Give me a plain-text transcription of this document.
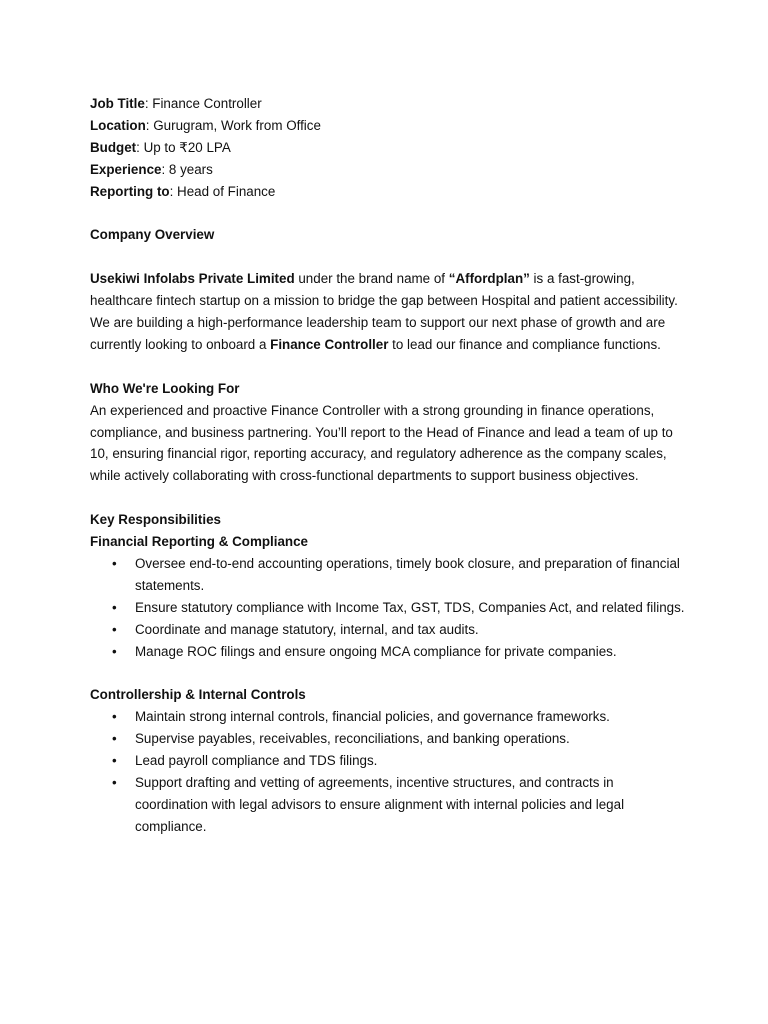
Job Title: Finance Controller
Location: Gurugram, Work from Office
Budget: Up to ₹20 LPA
Experience: 8 years
Reporting to: Head of Finance
Company Overview

Usekiwi Infolabs Private Limited under the brand name of “Affordplan” is a fast-growing, healthcare fintech startup on a mission to bridge the gap between Hospital and patient accessibility. We are building a high-performance leadership team to support our next phase of growth and are currently looking to onboard a Finance Controller to lead our finance and compliance functions.

Who We're Looking For

An experienced and proactive Finance Controller with a strong grounding in finance operations, compliance, and business partnering. You’ll report to the Head of Finance and lead a team of up to 10, ensuring financial rigor, reporting accuracy, and regulatory adherence as the company scales, while actively collaborating with cross-functional departments to support business objectives.

Key Responsibilities
Financial Reporting & Compliance
• Oversee end-to-end accounting operations, timely book closure, and preparation of financial statements.
• Ensure statutory compliance with Income Tax, GST, TDS, Companies Act, and related filings.
• Coordinate and manage statutory, internal, and tax audits.
• Manage ROC filings and ensure ongoing MCA compliance for private companies.
Controllership & Internal Controls
• Maintain strong internal controls, financial policies, and governance frameworks.
• Supervise payables, receivables, reconciliations, and banking operations.
• Lead payroll compliance and TDS filings.
• Support drafting and vetting of agreements, incentive structures, and contracts in coordination with legal advisors to ensure alignment with internal policies and legal compliance.
